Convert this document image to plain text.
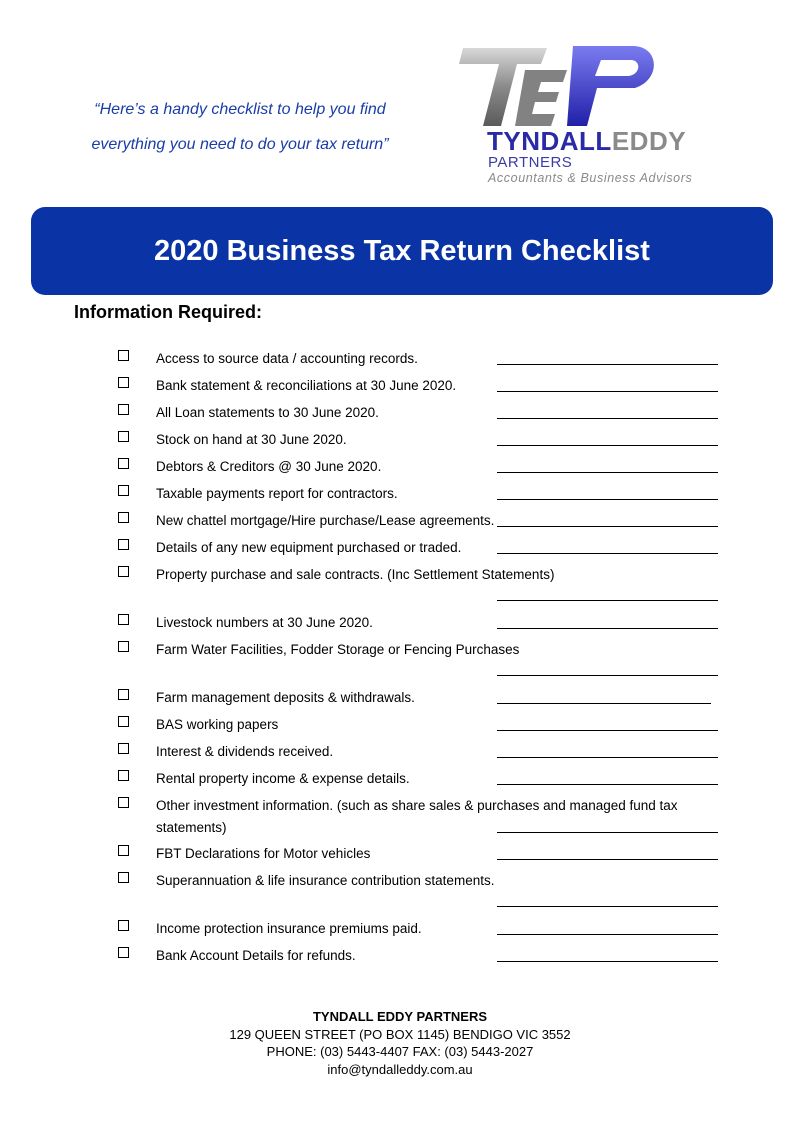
“Here’s a handy checklist to help you find
everything you need to do your tax return”	TYNDALLEDDY
PARTNERS
Accountants & Business Advisors
2020 Business Tax Return Checklist
Information Required:
Access to source data / accounting records.
Bank statement & reconciliations at 30 June 2020.
All Loan statements to 30 June 2020.
Stock on hand at 30 June 2020.
Debtors & Creditors @ 30 June 2020.
Taxable payments report for contractors.
New chattel mortgage/Hire purchase/Lease agreements.
Details of any new equipment purchased or traded.
Property purchase and sale contracts. (Inc Settlement Statements)
Livestock numbers at 30 June 2020.
Farm Water Facilities, Fodder Storage or Fencing Purchases
Farm management deposits & withdrawals.
BAS working papers
Interest & dividends received.
Rental property income & expense details.
Other investment information. (such as share sales & purchases and managed fund tax statements)
FBT Declarations for Motor vehicles
Superannuation & life insurance contribution statements.
Income protection insurance premiums paid.
Bank Account Details for refunds.
TYNDALL EDDY PARTNERS
129 QUEEN STREET (PO BOX 1145) BENDIGO VIC 3552
PHONE: (03) 5443-4407 FAX: (03) 5443-2027
info@tyndalleddy.com.au
